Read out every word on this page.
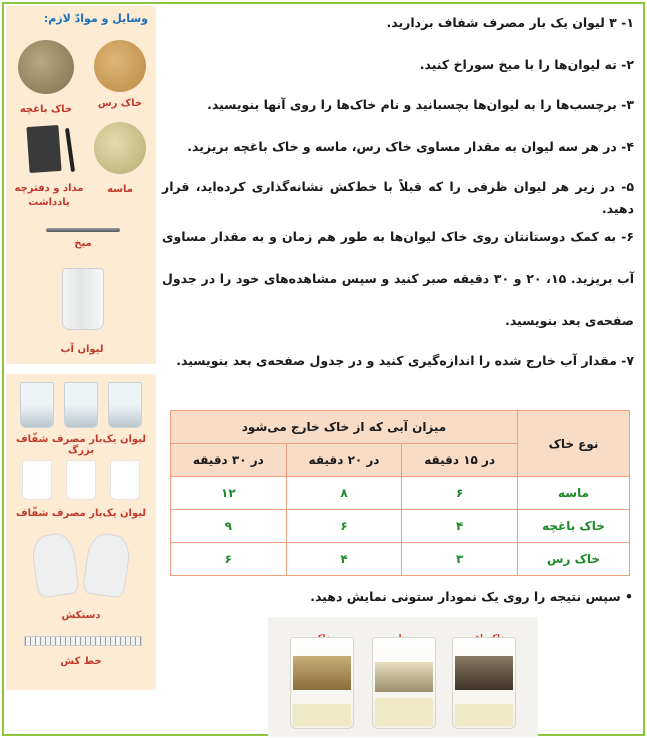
وسایل و موادّ لازم:
خاک رس
خاک باغچه
ماسه
مداد و دفترچه یادداشت
میخ
لیوان آب
لیوان یک‌بار مصرف شفّاف بزرگ
لیوان یک‌بار مصرف شفّاف
دستکش
خط کش
۱- ۳ لیوان یک بار مصرف شفاف بردارید.
۲- ته لیوان‌ها را با میخ سوراخ کنید.
۳- برچسب‌ها را به لیوان‌ها بچسبانید و نام خاک‌ها را روی آنها بنویسید.
۴- در هر سه لیوان به مقدار مساوی خاک رس، ماسه و خاک باغچه بریزید.
۵- در زیر هر لیوان ظرفی را که قبلاً با خط‌کش نشانه‌گذاری کرده‌اید، قرار دهید.
۶- به کمک دوستانتان روی خاک لیوان‌ها به طور هم زمان و به مقدار مساوی آب بریزید. ۱۵، ۲۰ و ۳۰ دقیقه صبر کنید و سپس مشاهده‌های خود را در جدول صفحه‌ی بعد بنویسید.
۷- مقدار آب خارج شده را اندازه‌گیری کنید و در جدول صفحه‌ی بعد بنویسید.
نوع خاک	میزان آبی که از خاک خارج می‌شود		
	در ۱۵ دقیقه	در ۲۰ دقیقه	در ۳۰ دقیقه
ماسه	۶	۸	۱۲
خاک باغچه	۴	۶	۹
خاک رس	۳	۴	۶
• سپس نتیجه را روی یک نمودار ستونی نمایش دهید.
